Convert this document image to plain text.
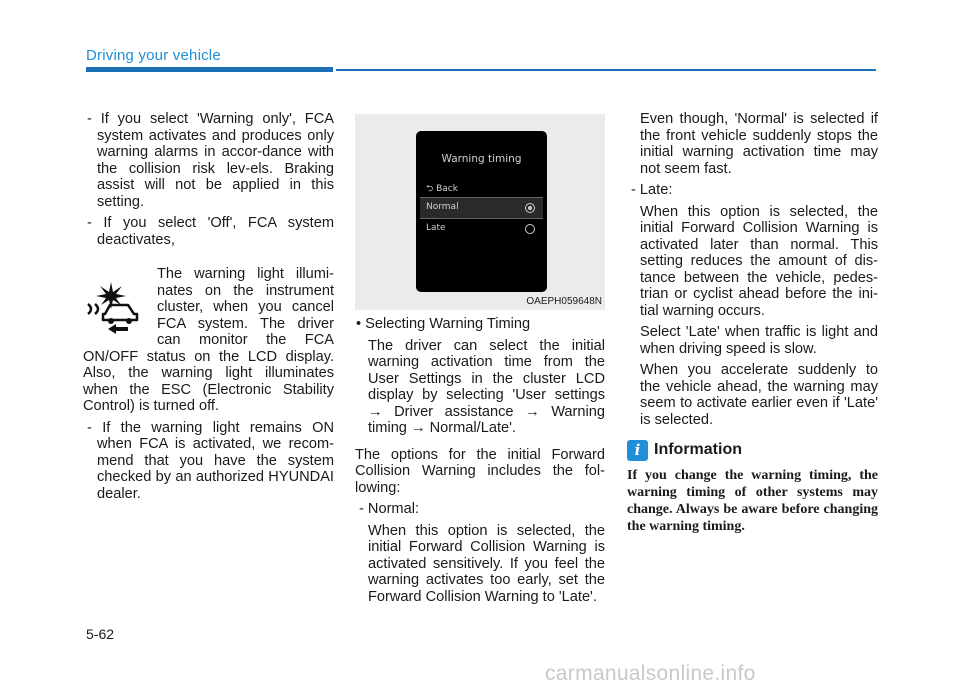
Driving your vehicle

- If you select 'Warning only', FCA system activates and produces only warning alarms in accor-dance with the collision risk lev-els. Braking assist will not be applied in this setting.

- If you select 'Off', FCA system deactivates,

The warning light illumi-nates on the instrument cluster, when you cancel FCA system. The driver can monitor the FCA ON/OFF status on the LCD display. Also, the warning light illuminates when the ESC (Electronic Stability Control) is turned off.

- If the warning light remains ON when FCA is activated, we recom-mend that you have the system checked by an authorized HYUNDAI dealer.

Warning timing
⮌ Back
Normal
Late
OAEPH059648N

• Selecting Warning Timing

The driver can select the initial warning activation time from the User Settings in the cluster LCD display by selecting 'User settings → Driver assistance → Warning timing → Normal/Late'.

The options for the initial Forward Collision Warning includes the fol-lowing:

- Normal:

When this option is selected, the initial Forward Collision Warning is activated sensitively. If you feel the warning activates too early, set the Forward Collision Warning to 'Late'.

Even though, 'Normal' is selected if the front vehicle suddenly stops the initial warning activation time may not seem fast.

- Late:

When this option is selected, the initial Forward Collision Warning is activated later than normal. This setting reduces the amount of dis-tance between the vehicle, pedes-trian or cyclist ahead before the ini-tial warning occurs.

Select 'Late' when traffic is light and when driving speed is slow.

When you accelerate suddenly to the vehicle ahead, the warning may seem to activate earlier even if 'Late' is selected.

i Information

If you change the warning timing, the warning timing of other systems may change. Always be aware before changing the warning timing.

5-62
carmanualsonline.info
